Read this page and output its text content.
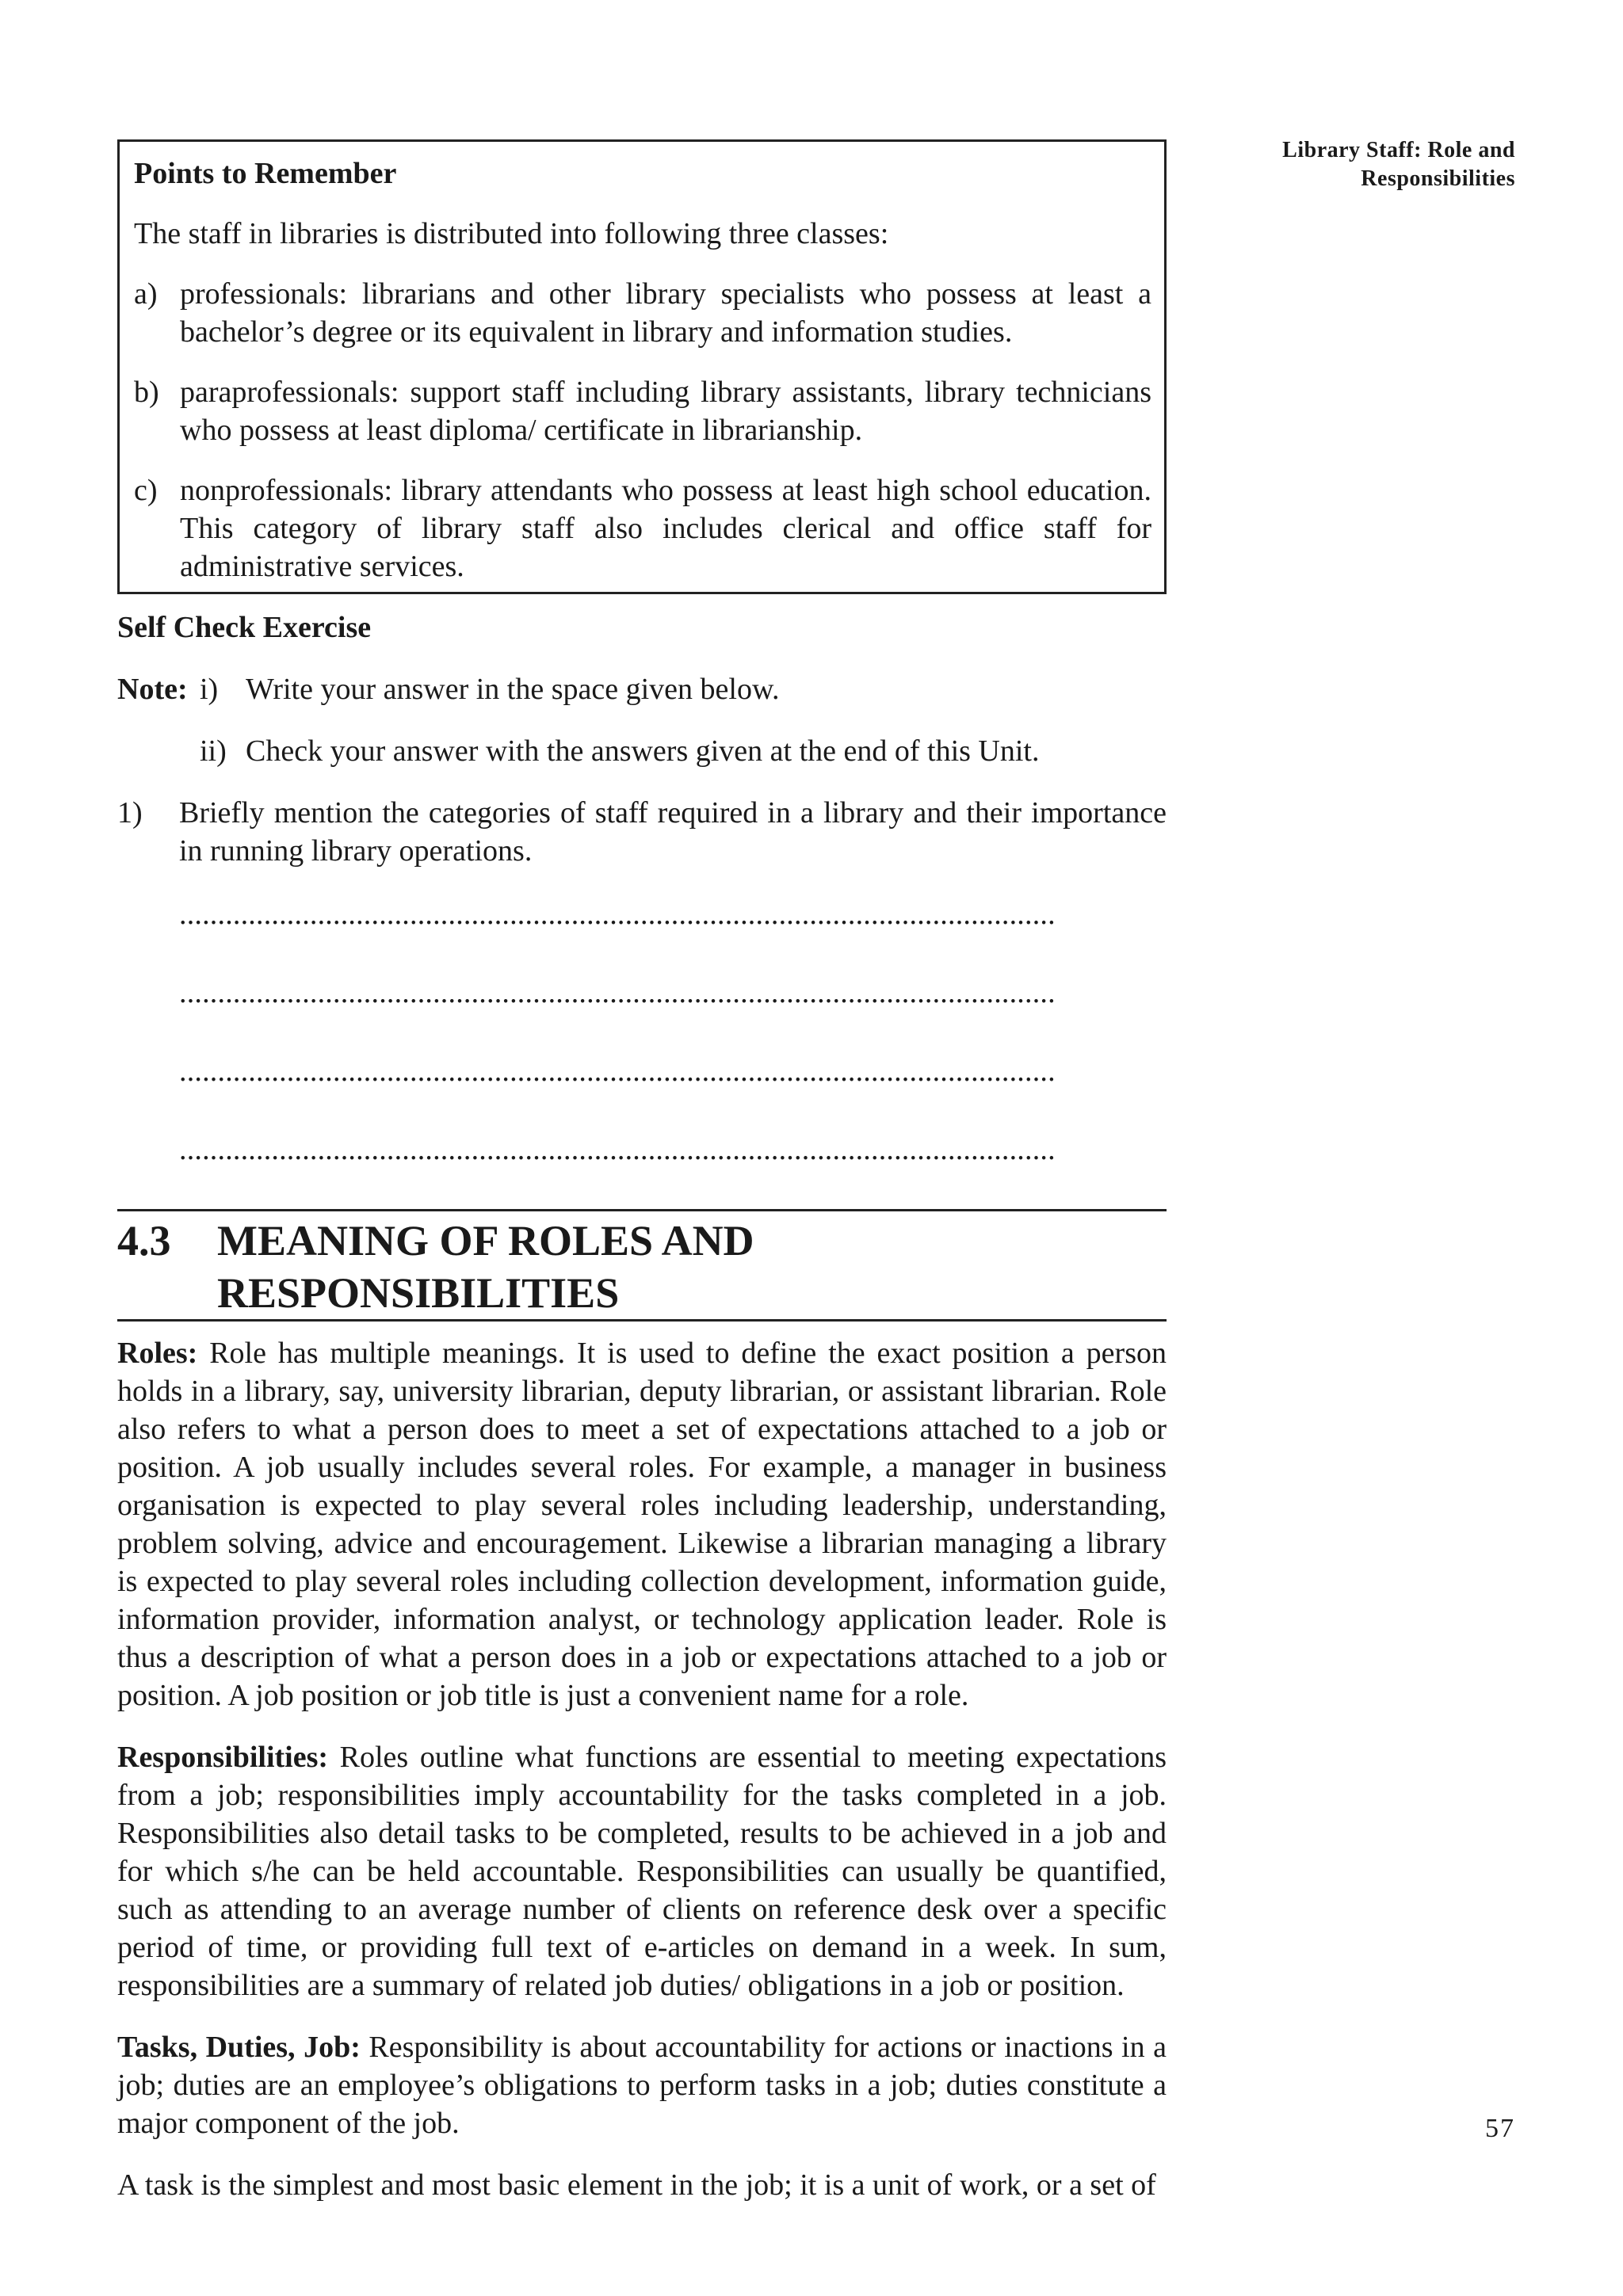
Library Staff: Role and
Responsibilities
Points to Remember

The staff in libraries is distributed into following three classes:

a) professionals: librarians and other library specialists who possess at least a bachelor’s degree or its equivalent in library and information studies.
b) paraprofessionals: support staff including library assistants, library technicians who possess at least diploma/ certificate in librarianship.
c) nonprofessionals: library attendants who possess at least high school education. This category of library staff also includes clerical and office staff for administrative services.
Self Check Exercise
Note: i) Write your answer in the space given below.
ii) Check your answer with the answers given at the end of this Unit.
1)	Briefly mention the categories of staff required in a library and their importance in running library operations.
..................................................................................................................
..................................................................................................................
..................................................................................................................
..................................................................................................................
4.3	MEANING OF ROLES AND
RESPONSIBILITIES

Roles: Role has multiple meanings. It is used to define the exact position a person holds in a library, say, university librarian, deputy librarian, or assistant librarian. Role also refers to what a person does to meet a set of expectations attached to a job or position. A job usually includes several roles. For example, a manager in business organisation is expected to play several roles including leadership, understanding, problem solving, advice and encouragement. Likewise a librarian managing a library is expected to play several roles including collection development, information guide, information provider, information analyst, or technology application leader. Role is thus a description of what a person does in a job or expectations attached to a job or position. A job position or job title is just a convenient name for a role.

Responsibilities: Roles outline what functions are essential to meeting expectations from a job; responsibilities imply accountability for the tasks completed in a job. Responsibilities also detail tasks to be completed, results to be achieved in a job and for which s/he can be held accountable. Responsibilities can usually be quantified, such as attending to an average number of clients on reference desk over a specific period of time, or providing full text of e-articles on demand in a week. In sum, responsibilities are a summary of related job duties/ obligations in a job or position.

Tasks, Duties, Job: Responsibility is about accountability for actions or inactions in a job; duties are an employee’s obligations to perform tasks in a job; duties constitute a major component of the job.

A task is the simplest and most basic element in the job; it is a unit of work, or a set of

57
